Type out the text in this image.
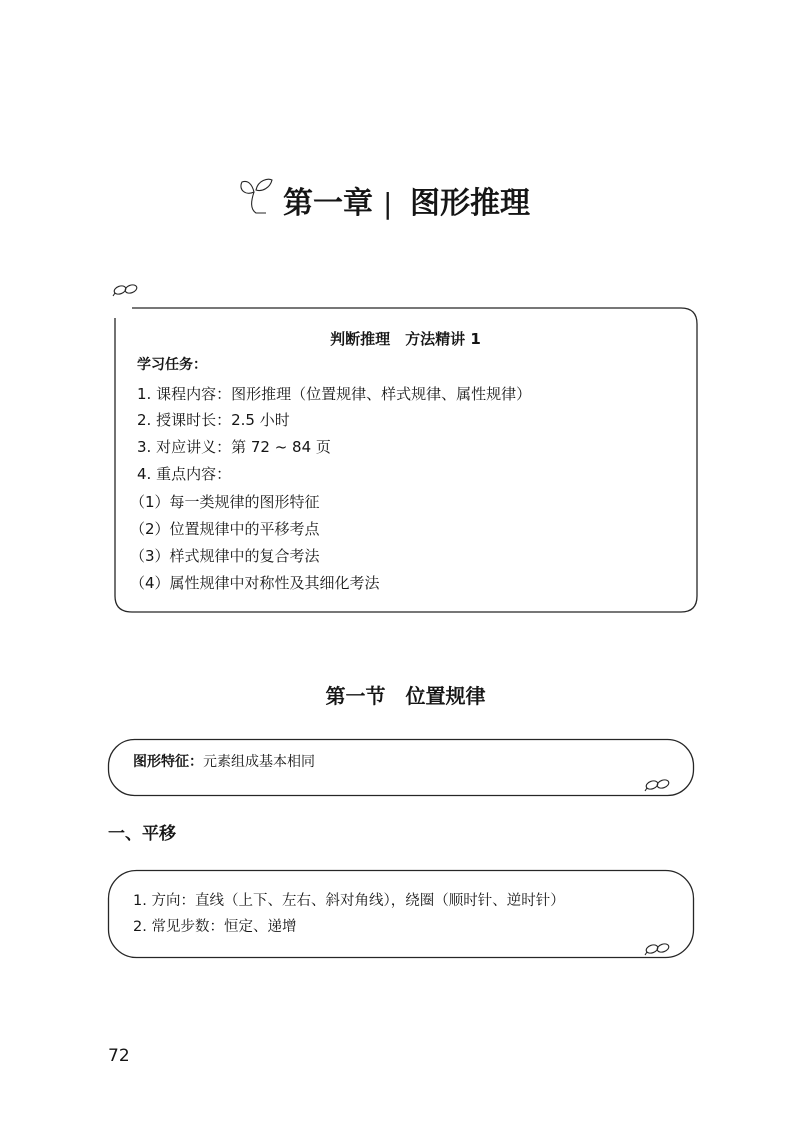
第一章 | 图形推理
判断推理　方法精讲 1
学习任务：
1. 课程内容：图形推理（位置规律、样式规律、属性规律）
2. 授课时长：2.5 小时
3. 对应讲义：第 72 ~ 84 页
4. 重点内容：
（1）每一类规律的图形特征
（2）位置规律中的平移考点
（3）样式规律中的复合考法
（4）属性规律中对称性及其细化考法
第一节　位置规律
图形特征：元素组成基本相同
一、平移
1. 方向：直线（上下、左右、斜对角线），绕圈（顺时针、逆时针）
2. 常见步数：恒定、递增
72
